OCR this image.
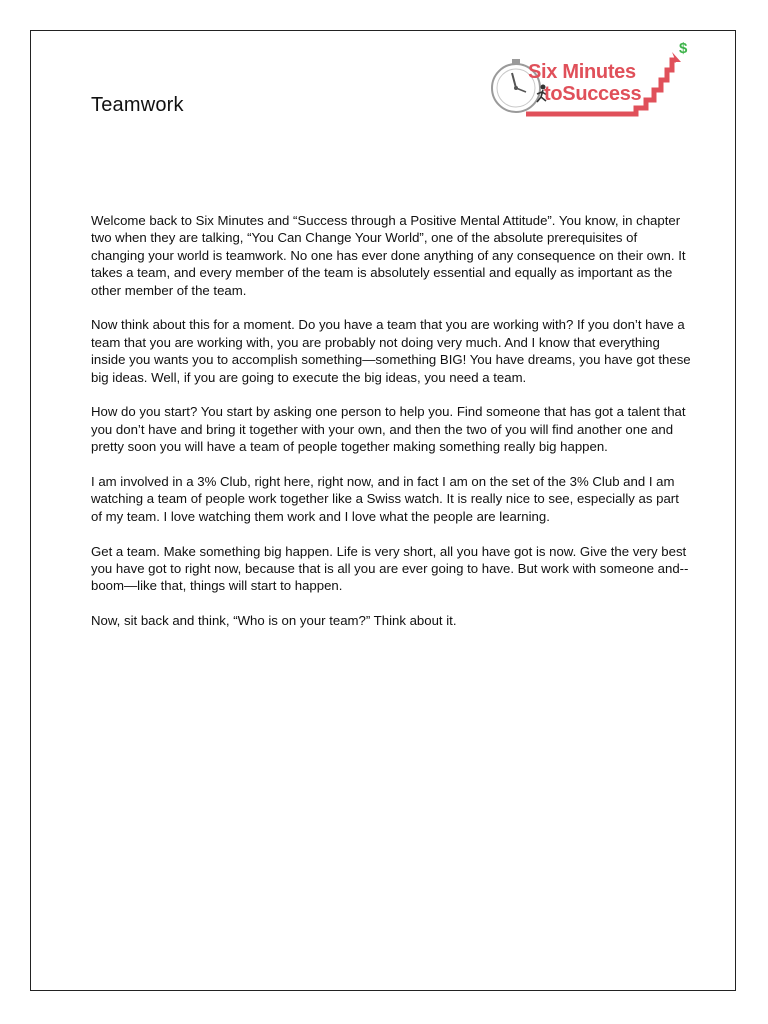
Six Minutes
toSuccess
$
Teamwork

Welcome back to Six Minutes and “Success through a Positive Mental Attitude”. You know, in chapter two when they are talking, “You Can Change Your World”, one of the absolute prerequisites of changing your world is teamwork. No one has ever done anything of any consequence on their own. It takes a team, and every member of the team is absolutely essential and equally as important as the other member of the team.

Now think about this for a moment. Do you have a team that you are working with? If you don’t have a team that you are working with, you are probably not doing very much. And I know that everything inside you wants you to accomplish something—something BIG! You have dreams, you have got these big ideas. Well, if you are going to execute the big ideas, you need a team.

How do you start? You start by asking one person to help you. Find someone that has got a talent that you don’t have and bring it together with your own, and then the two of you will find another one and pretty soon you will have a team of people together making something really big happen.

I am involved in a 3% Club, right here, right now, and in fact I am on the set of the 3% Club and I am watching a team of people work together like a Swiss watch. It is really nice to see, especially as part of my team. I love watching them work and I love what the people are learning.

Get a team. Make something big happen. Life is very short, all you have got is now. Give the very best you have got to right now, because that is all you are ever going to have. But work with someone and--boom—like that, things will start to happen.

Now, sit back and think, “Who is on your team?” Think about it.
